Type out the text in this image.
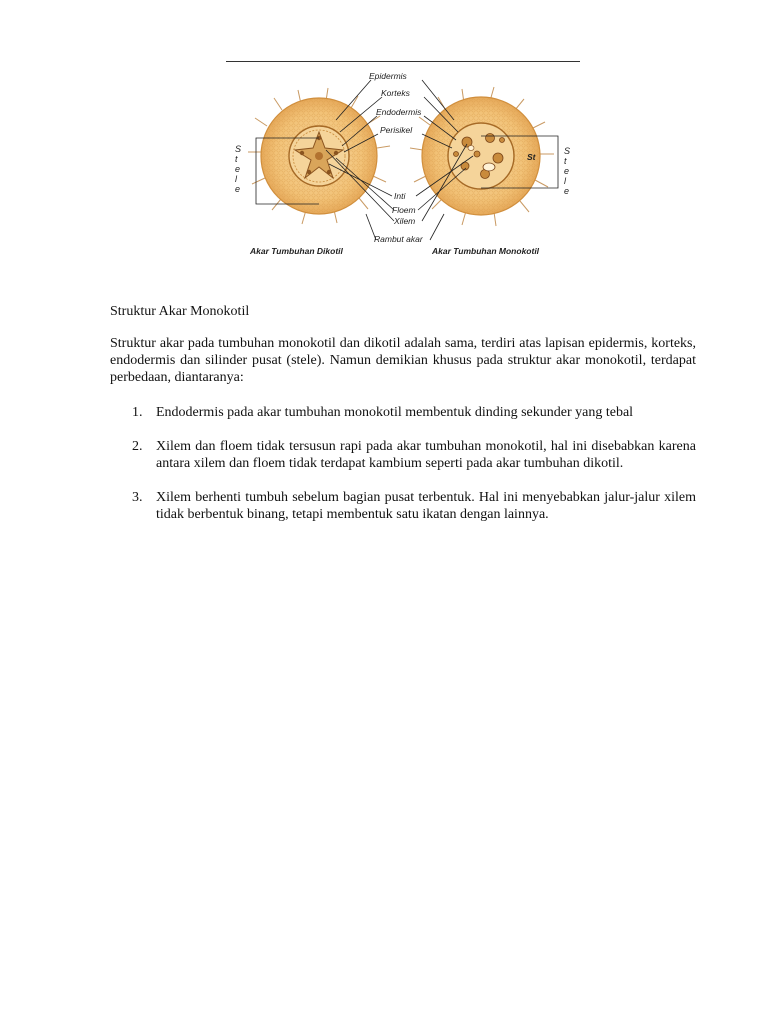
St
S t e l e
S t e l e
Epidermis
Korteks
Endodermis
Perisikel
Inti
Floem
Xilem
Rambut akar
Akar Tumbuhan Dikotil	Akar Tumbuhan Monokotil
Struktur Akar Monokotil

Struktur akar pada tumbuhan monokotil dan dikotil adalah sama, terdiri atas lapisan epidermis, korteks, endodermis dan silinder pusat (stele). Namun demikian khusus pada struktur akar monokotil, terdapat perbedaan, diantaranya:

1. Endodermis pada akar tumbuhan monokotil membentuk dinding sekunder yang tebal
2. Xilem dan floem tidak tersusun rapi pada akar tumbuhan monokotil, hal ini disebabkan karena antara xilem dan floem tidak terdapat kambium seperti pada akar tumbuhan dikotil.
3. Xilem berhenti tumbuh sebelum bagian pusat terbentuk. Hal ini menyebabkan jalur-jalur xilem tidak berbentuk binang, tetapi membentuk satu ikatan dengan lainnya.
